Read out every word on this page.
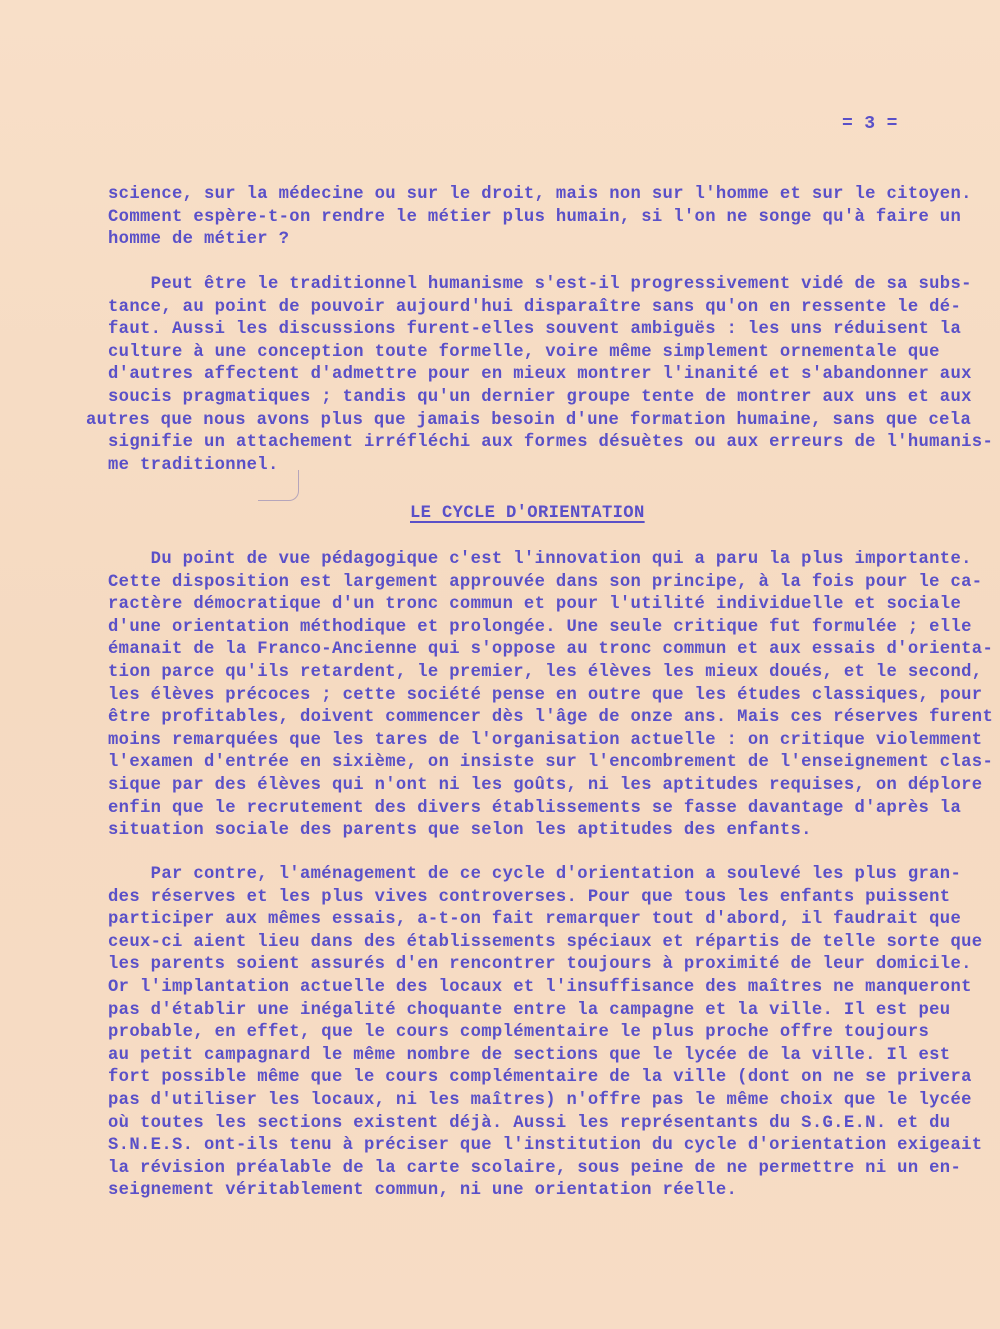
= 3 =
science, sur la médecine ou sur le droit, mais non sur l'homme et sur le citoyen.
Comment espère-t-on rendre le métier plus humain, si l'on ne songe qu'à faire un
homme de métier ?
Peut être le traditionnel humanisme s'est-il progressivement vidé de sa subs-
tance, au point de pouvoir aujourd'hui disparaître sans qu'on en ressente le dé-
faut. Aussi les discussions furent-elles souvent ambiguës : les uns réduisent la
culture à une conception toute formelle, voire même simplement ornementale que
d'autres affectent d'admettre pour en mieux montrer l'inanité et s'abandonner aux
soucis pragmatiques ; tandis qu'un dernier groupe tente de montrer aux uns et aux
autres que nous avons plus que jamais besoin d'une formation humaine, sans que cela
signifie un attachement irréfléchi aux formes désuètes ou aux erreurs de l'humanis-
me traditionnel.
LE CYCLE D'ORIENTATION
Du point de vue pédagogique c'est l'innovation qui a paru la plus importante.
Cette disposition est largement approuvée dans son principe, à la fois pour le ca-
ractère démocratique d'un tronc commun et pour l'utilité individuelle et sociale
d'une orientation méthodique et prolongée. Une seule critique fut formulée ; elle
émanait de la Franco-Ancienne qui s'oppose au tronc commun et aux essais d'orienta-
tion parce qu'ils retardent, le premier, les élèves les mieux doués, et le second,
les élèves précoces ; cette société pense en outre que les études classiques, pour
être profitables, doivent commencer dès l'âge de onze ans. Mais ces réserves furent
moins remarquées que les tares de l'organisation actuelle : on critique violemment
l'examen d'entrée en sixième, on insiste sur l'encombrement de l'enseignement clas-
sique par des élèves qui n'ont ni les goûts, ni les aptitudes requises, on déplore
enfin que le recrutement des divers établissements se fasse davantage d'après la
situation sociale des parents que selon les aptitudes des enfants.
Par contre, l'aménagement de ce cycle d'orientation a soulevé les plus gran-
des réserves et les plus vives controverses. Pour que tous les enfants puissent
participer aux mêmes essais, a-t-on fait remarquer tout d'abord, il faudrait que
ceux-ci aient lieu dans des établissements spéciaux et répartis de telle sorte que
les parents soient assurés d'en rencontrer toujours à proximité de leur domicile.
Or l'implantation actuelle des locaux et l'insuffisance des maîtres ne manqueront
pas d'établir une inégalité choquante entre la campagne et la ville. Il est peu
probable, en effet, que le cours complémentaire le plus proche offre toujours
au petit campagnard le même nombre de sections que le lycée de la ville. Il est
fort possible même que le cours complémentaire de la ville (dont on ne se privera
pas d'utiliser les locaux, ni les maîtres) n'offre pas le même choix que le lycée
où toutes les sections existent déjà. Aussi les représentants du S.G.E.N. et du
S.N.E.S. ont-ils tenu à préciser que l'institution du cycle d'orientation exigeait
la révision préalable de la carte scolaire, sous peine de ne permettre ni un en-
seignement véritablement commun, ni une orientation réelle.
